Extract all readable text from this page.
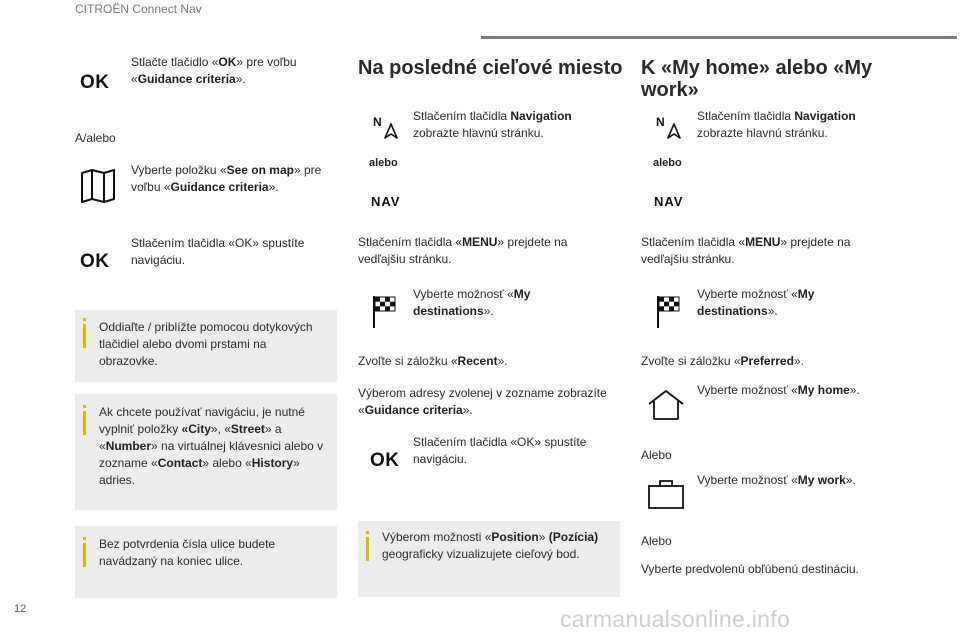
CITROËN Connect Nav
OK
Stlačte tlačidlo «OK» pre voľbu «Guidance criteria».
A/alebo
Vyberte položku «See on map» pre voľbu «Guidance criteria».
OK
Stlačením tlačidla «OK» spustíte navigáciu.
Oddiaľte / priblížte pomocou dotykových tlačidiel alebo dvomi prstami na obrazovke.
Ak chcete používať navigáciu, je nutné vyplniť položky «City», «Street» a «Number» na virtuálnej klávesnici alebo v zozname «Contact» alebo «History» adries.
Bez potvrdenia čísla ulice budete navádzaný na koniec ulice.
Na posledné cieľové miesto
N	Stlačením tlačidla Navigation zobrazte hlavnú stránku.
alebo
NAV
Stlačením tlačidla «MENU» prejdete na vedľajšiu stránku.
Vyberte možnosť «My destinations».
Zvoľte si záložku «Recent».
Výberom adresy zvolenej v zozname zobrazíte «Guidance criteria».
OK
Stlačením tlačidla «OK» spustíte navigáciu.
Výberom možnosti «Position» (Pozícia) geograficky vizualizujete cieľový bod.
K «My home» alebo «My
work»
N	Stlačením tlačidla Navigation zobrazte hlavnú stránku.
alebo
NAV
Stlačením tlačidla «MENU» prejdete na vedľajšiu stránku.
Vyberte možnosť «My destinations».
Zvoľte si záložku «Preferred».
Vyberte možnosť «My home».
Alebo
Vyberte možnosť «My work».
Alebo
Vyberte predvolenú obľúbenú destináciu.
12	carmanualsonline.info
